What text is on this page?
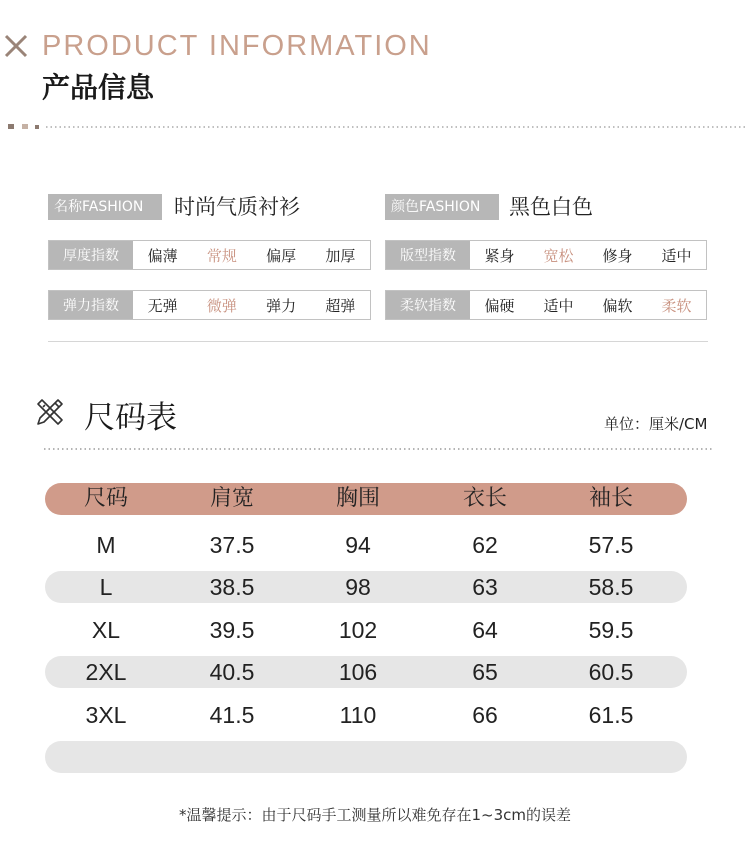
PRODUCT INFORMATION
产品信息
名称FASHION	时尚气质衬衫	颜色FASHION	黑色白色
厚度指数	偏薄	常规	偏厚	加厚	版型指数	紧身	宽松	修身	适中
弹力指数	无弹	微弹	弹力	超弹	柔软指数	偏硬	适中	偏软	柔软
尺码表	单位：厘米/CM
尺码	肩宽	胸围	衣长	袖长
M	37.5	94	62	57.5
L	38.5	98	63	58.5
XL	39.5	102	64	59.5
2XL	40.5	106	65	60.5
3XL	41.5	110	66	61.5
*温馨提示：由于尺码手工测量所以难免存在1~3cm的误差
